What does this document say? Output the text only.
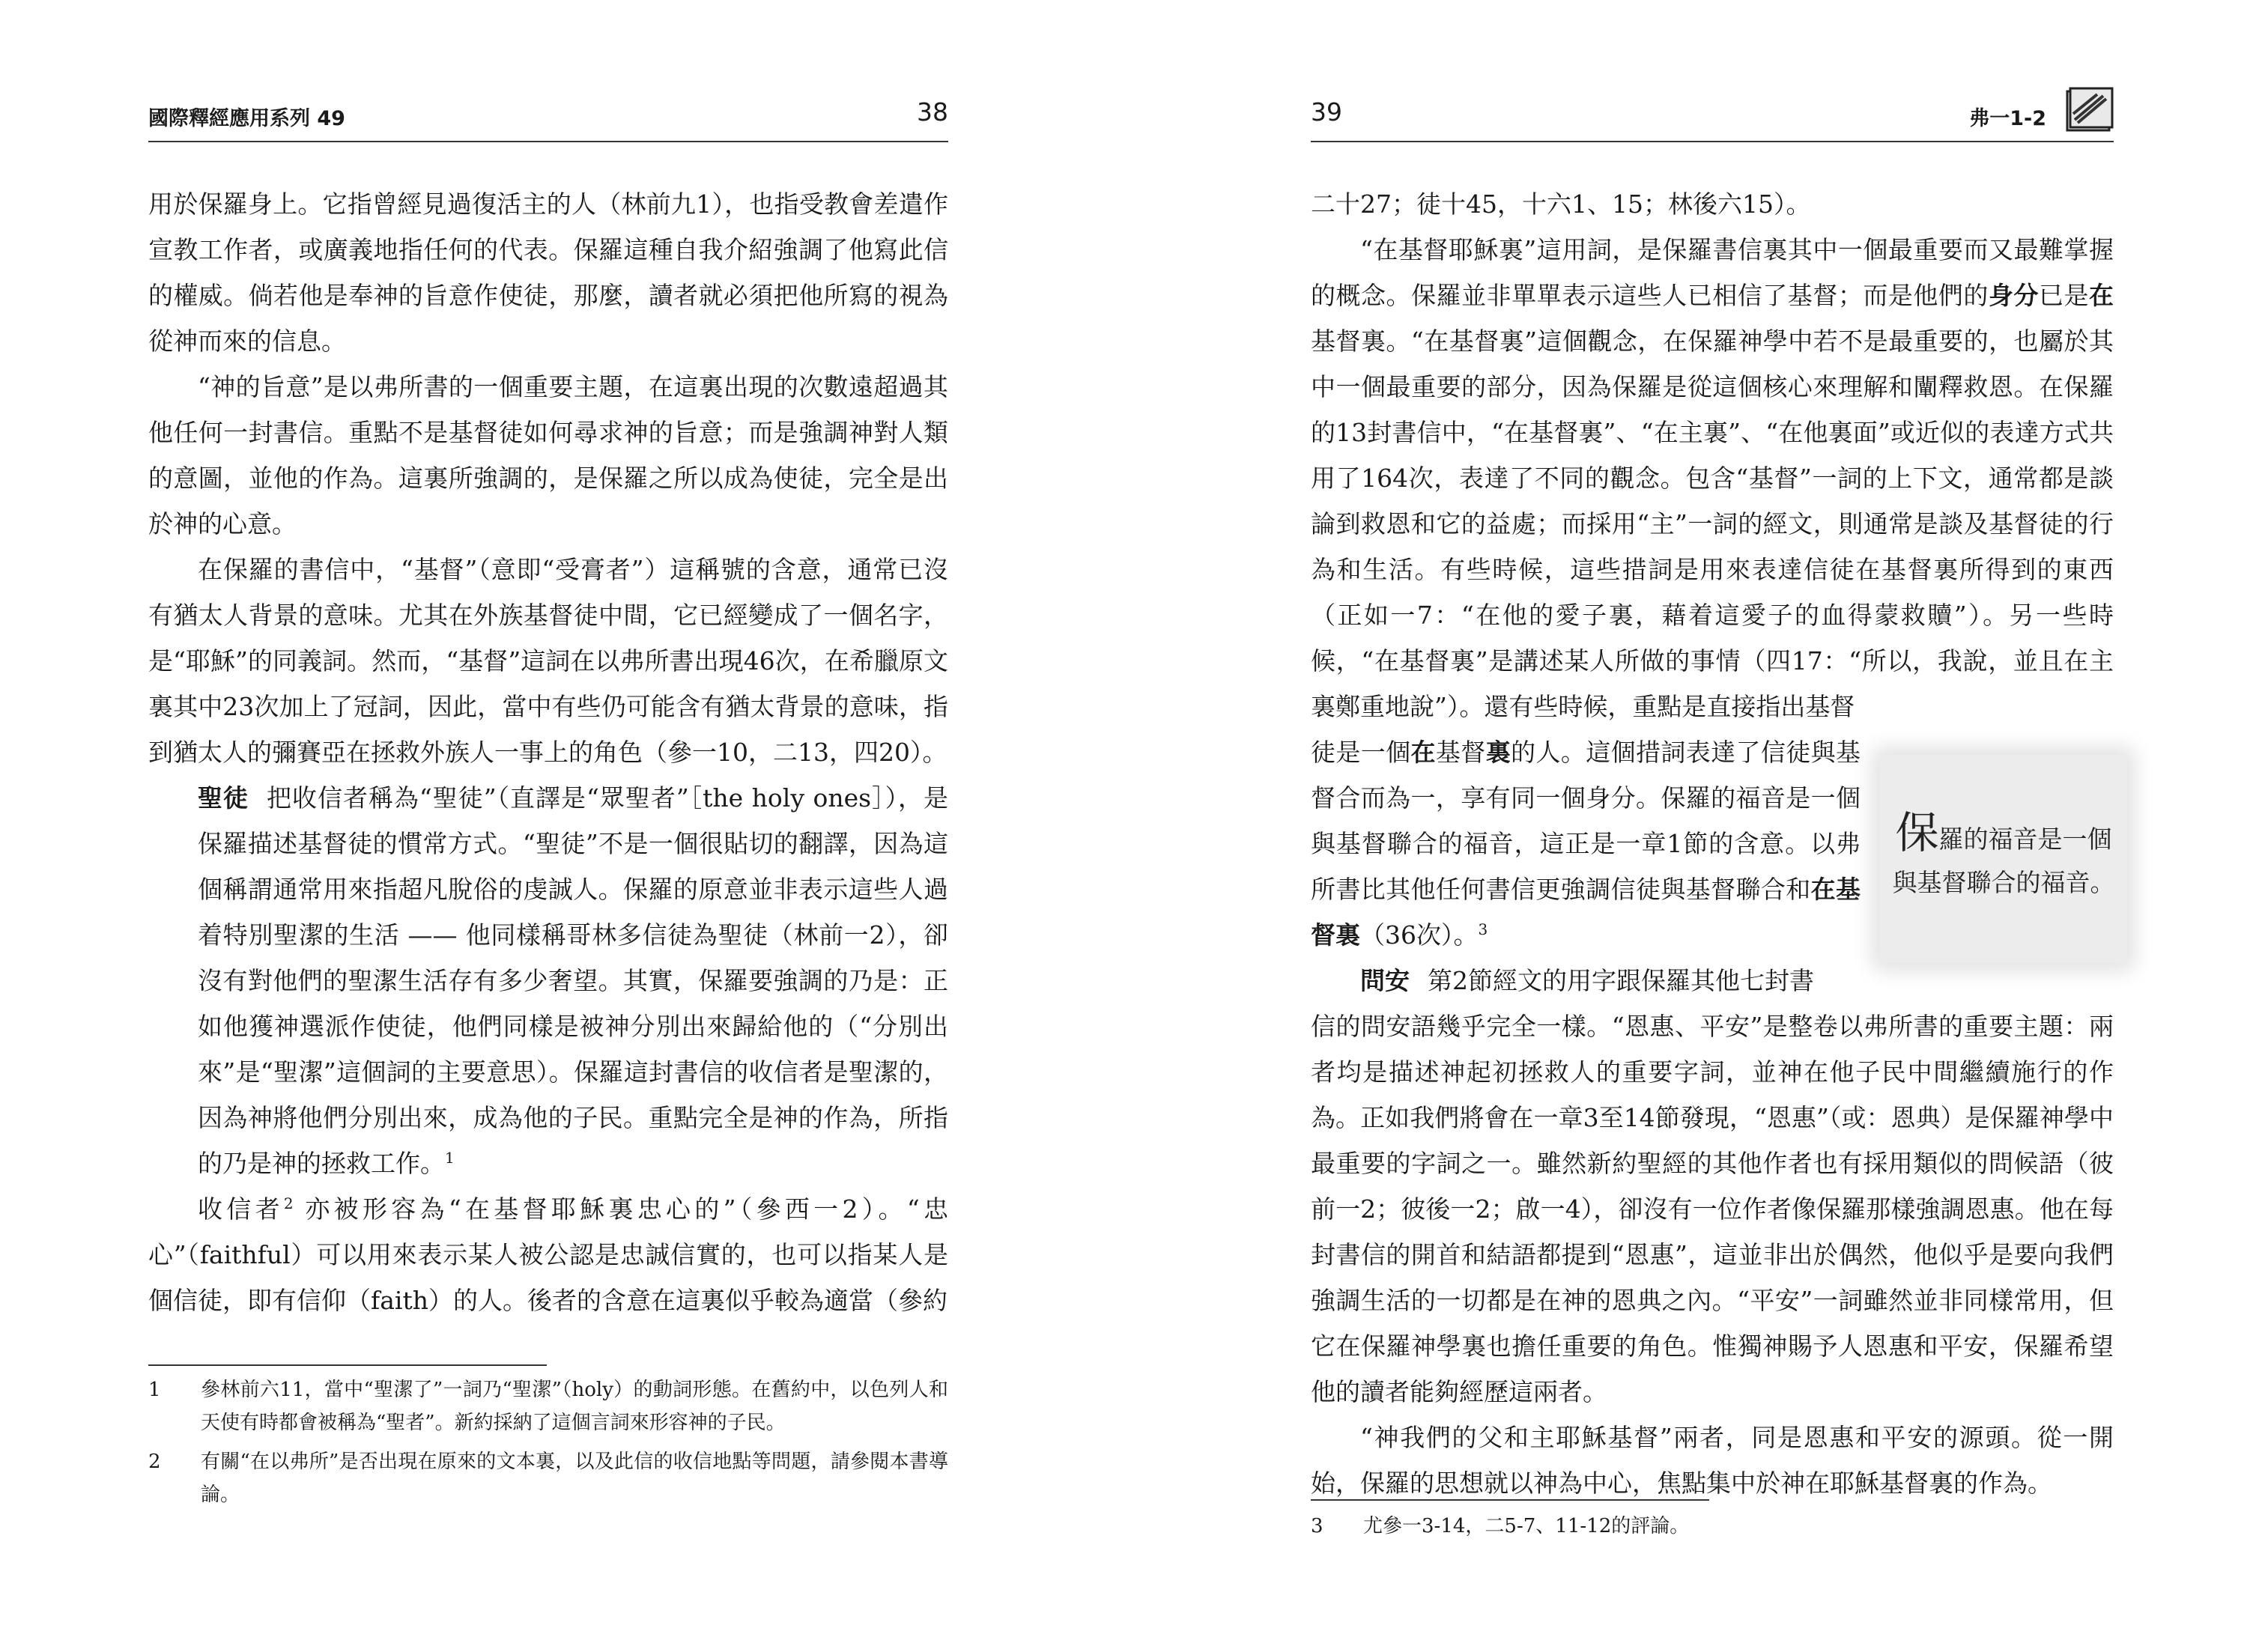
國際釋經應用系列 49	38

用於保羅身上。它指曾經見過復活主的人（林前九1），也指受教會差遣作宣教工作者，或廣義地指任何的代表。保羅這種自我介紹強調了他寫此信的權威。倘若他是奉神的旨意作使徒，那麼，讀者就必須把他所寫的視為從神而來的信息。

“神的旨意”是以弗所書的一個重要主題，在這裏出現的次數遠超過其他任何一封書信。重點不是基督徒如何尋求神的旨意；而是強調神對人類的意圖，並他的作為。這裏所強調的，是保羅之所以成為使徒，完全是出於神的心意。

在保羅的書信中，“基督”（意即“受膏者”）這稱號的含意，通常已沒有猶太人背景的意味。尤其在外族基督徒中間，它已經變成了一個名字，是“耶穌”的同義詞。然而，“基督”這詞在以弗所書出現46次，在希臘原文裏其中23次加上了冠詞，因此，當中有些仍可能含有猶太背景的意味，指到猶太人的彌賽亞在拯救外族人一事上的角色（參一10，二13，四20）。

聖徒 把收信者稱為“聖徒”（直譯是“眾聖者”［the holy ones］），是保羅描述基督徒的慣常方式。“聖徒”不是一個很貼切的翻譯，因為這個稱謂通常用來指超凡脫俗的虔誠人。保羅的原意並非表示這些人過着特別聖潔的生活 —— 他同樣稱哥林多信徒為聖徒（林前一2），卻沒有對他們的聖潔生活存有多少奢望。其實，保羅要強調的乃是：正如他獲神選派作使徒，他們同樣是被神分別出來歸給他的（“分別出來”是“聖潔”這個詞的主要意思）。保羅這封書信的收信者是聖潔的，因為神將他們分別出來，成為他的子民。重點完全是神的作為，所指的乃是神的拯救工作。$^1$

收信者$^2$ 亦被形容為“在基督耶穌裏忠心的”（參西一2）。“忠心”（faithful）可以用來表示某人被公認是忠誠信實的，也可以指某人是個信徒，即有信仰（faith）的人。後者的含意在這裏似乎較為適當（參約

1 參林前六11，當中“聖潔了”一詞乃“聖潔”（holy）的動詞形態。在舊約中，以色列人和天使有時都會被稱為“聖者”。新約採納了這個言詞來形容神的子民。
2 有關“在以弗所”是否出現在原來的文本裏，以及此信的收信地點等問題，請參閱本書導論。
39	弗一1-2

二十27；徒十45，十六1、15；林後六15）。

“在基督耶穌裏”這用詞，是保羅書信裏其中一個最重要而又最難掌握的概念。保羅並非單單表示這些人已相信了基督；而是他們的身分已是在基督裏。“在基督裏”這個觀念，在保羅神學中若不是最重要的，也屬於其中一個最重要的部分，因為保羅是從這個核心來理解和闡釋救恩。在保羅的13封書信中，“在基督裏”、“在主裏”、“在他裏面”或近似的表達方式共用了164次，表達了不同的觀念。包含“基督”一詞的上下文，通常都是談論到救恩和它的益處；而採用“主”一詞的經文，則通常是談及基督徒的行為和生活。有些時候，這些措詞是用來表達信徒在基督裏所得到的東西（正如一7：“在他的愛子裏，藉着這愛子的血得蒙救贖”）。另一些時候，“在基督裏”是講述某人所做的事情（四17：“所以，我說，並且在主裏鄭重地說”）。還有些時候，重點是直接指出基督

徒是一個在基督裏的人。這個措詞表達了信徒與基督合而為一，享有同一個身分。保羅的福音是一個與基督聯合的福音，這正是一章1節的含意。以弗所書比其他任何書信更強調信徒與基督聯合和在基督裏（36次）。$^3$

問安 第2節經文的用字跟保羅其他七封書

信的問安語幾乎完全一樣。“恩惠、平安”是整卷以弗所書的重要主題：兩者均是描述神起初拯救人的重要字詞，並神在他子民中間繼續施行的作為。正如我們將會在一章3至14節發現，“恩惠”（或：恩典）是保羅神學中最重要的字詞之一。雖然新約聖經的其他作者也有採用類似的問候語（彼前一2；彼後一2；啟一4），卻沒有一位作者像保羅那樣強調恩惠。他在每封書信的開首和結語都提到“恩惠”，這並非出於偶然，他似乎是要向我們強調生活的一切都是在神的恩典之內。“平安”一詞雖然並非同樣常用，但它在保羅神學裏也擔任重要的角色。惟獨神賜予人恩惠和平安，保羅希望他的讀者能夠經歷這兩者。

“神我們的父和主耶穌基督”兩者，同是恩惠和平安的源頭。從一開始，保羅的思想就以神為中心，焦點集中於神在耶穌基督裏的作為。

保羅的福音是一個
與基督聯合的福音。
3 尤參一3-14，二5-7、11-12的評論。
